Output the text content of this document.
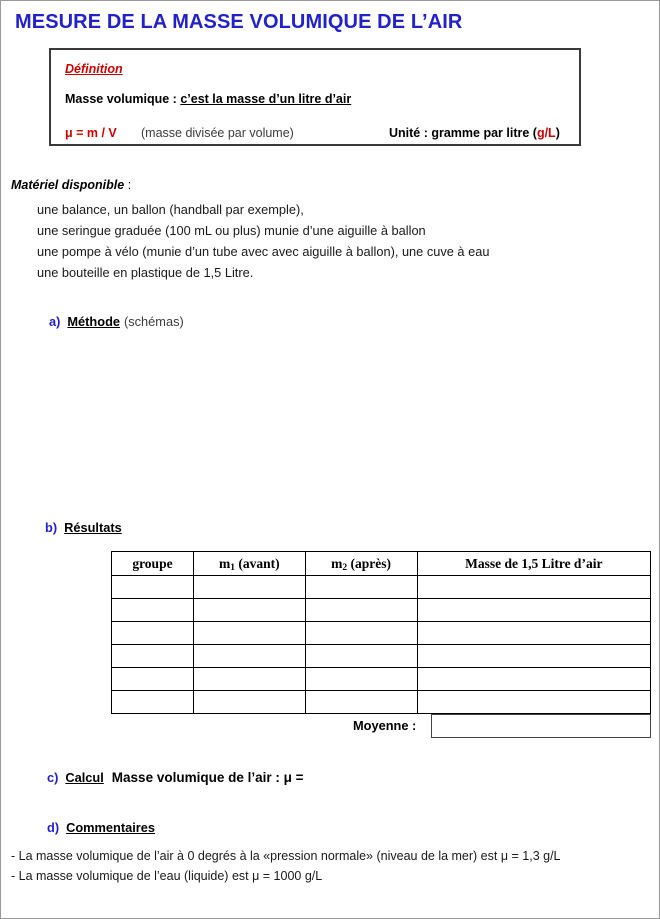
MESURE DE LA MASSE VOLUMIQUE DE L’AIR
Définition
Masse volumique : c’est la masse d’un litre d’air
μ = m / V (masse divisée par volume)	Unité : gramme par litre (g/L)
Matériel disponible :
une balance, un ballon (handball par exemple),
une seringue graduée (100 mL ou plus) munie d’une aiguille à ballon
une pompe à vélo (munie d’un tube avec avec aiguille à ballon), une cuve à eau
une bouteille en plastique de 1,5 Litre.
a) Méthode (schémas)
b) Résultats
groupe	$m_1$ (avant)	$m_2$ (après)	Masse de 1,5 Litre d’air

Moyenne :
c) Calcul Masse volumique de l’air : μ =
d) Commentaires
- La masse volumique de l’air à 0 degrés à la «pression normale» (niveau de la mer) est μ = 1,3 g/L
- La masse volumique de l’eau (liquide) est μ = 1000 g/L
